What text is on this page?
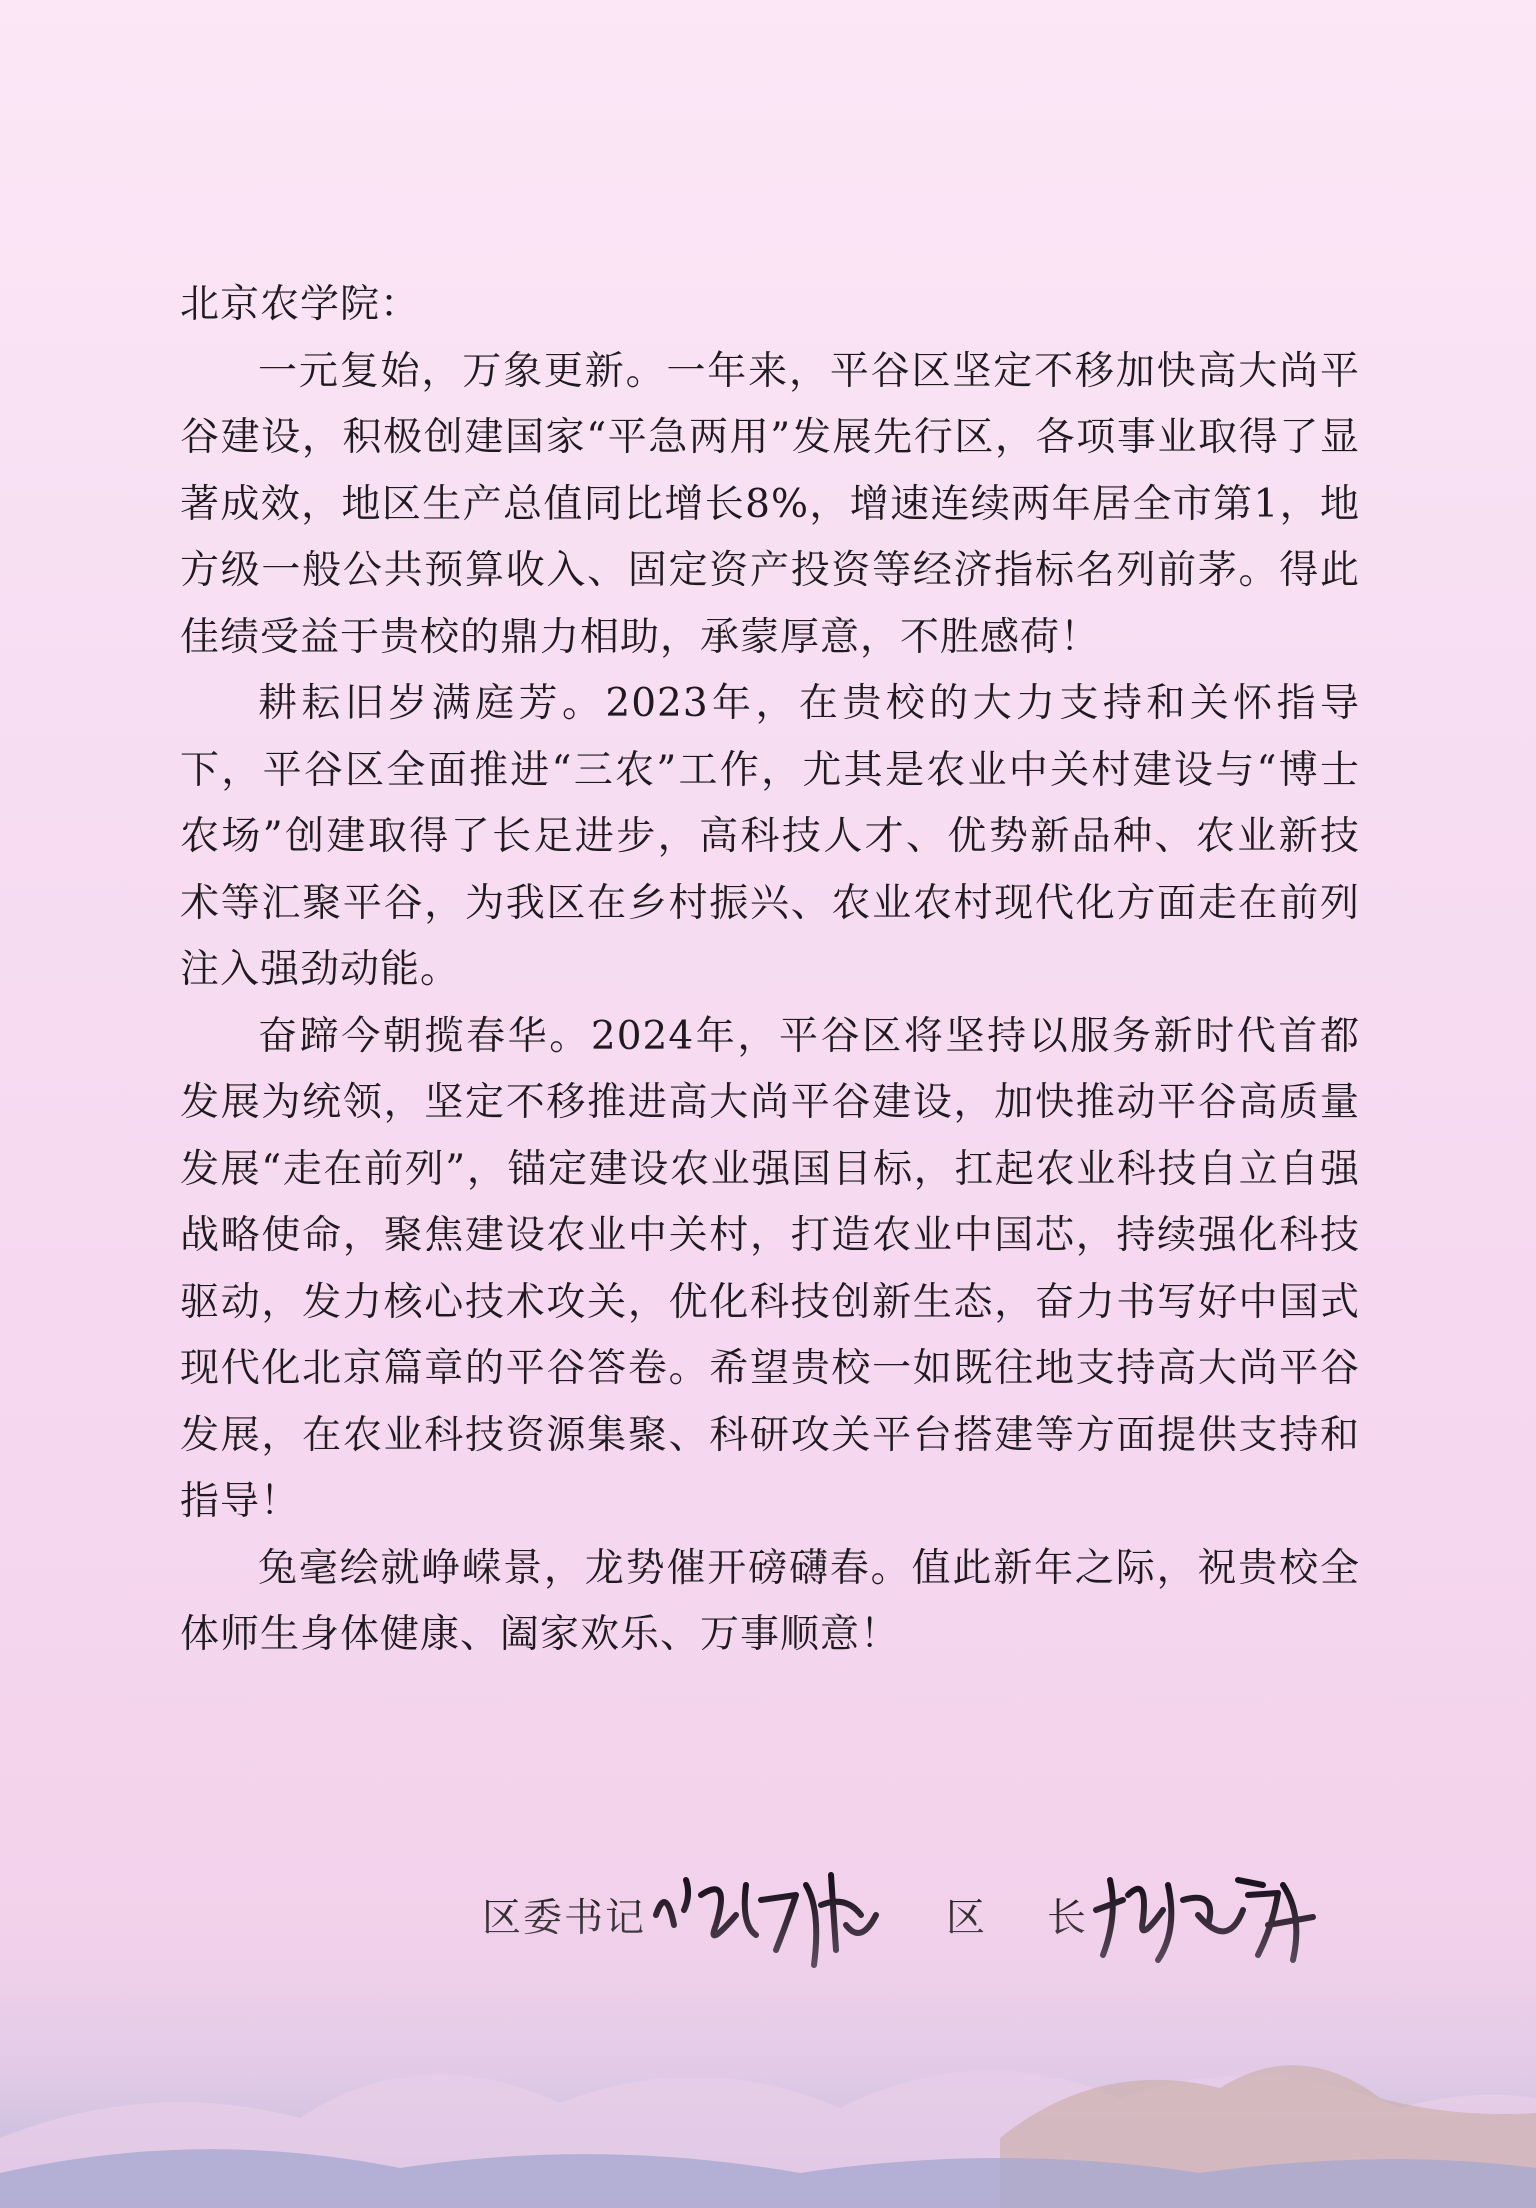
北京农学院：

一元复始，万象更新。一年来，平谷区坚定不移加快高大尚平谷建设，积极创建国家“平急两用”发展先行区，各项事业取得了显著成效，地区生产总值同比增长8%，增速连续两年居全市第1，地方级一般公共预算收入、固定资产投资等经济指标名列前茅。得此佳绩受益于贵校的鼎力相助，承蒙厚意，不胜感荷！

耕耘旧岁满庭芳。2023年，在贵校的大力支持和关怀指导下，平谷区全面推进“三农”工作，尤其是农业中关村建设与“博士农场”创建取得了长足进步，高科技人才、优势新品种、农业新技术等汇聚平谷，为我区在乡村振兴、农业农村现代化方面走在前列注入强劲动能。

奋蹄今朝揽春华。2024年，平谷区将坚持以服务新时代首都发展为统领，坚定不移推进高大尚平谷建设，加快推动平谷高质量发展“走在前列”，锚定建设农业强国目标，扛起农业科技自立自强战略使命，聚焦建设农业中关村，打造农业中国芯，持续强化科技驱动，发力核心技术攻关，优化科技创新生态，奋力书写好中国式现代化北京篇章的平谷答卷。希望贵校一如既往地支持高大尚平谷发展，在农业科技资源集聚、科研攻关平台搭建等方面提供支持和指导！

兔毫绘就峥嵘景，龙势催开磅礴春。值此新年之际，祝贵校全体师生身体健康、阖家欢乐、万事顺意！
